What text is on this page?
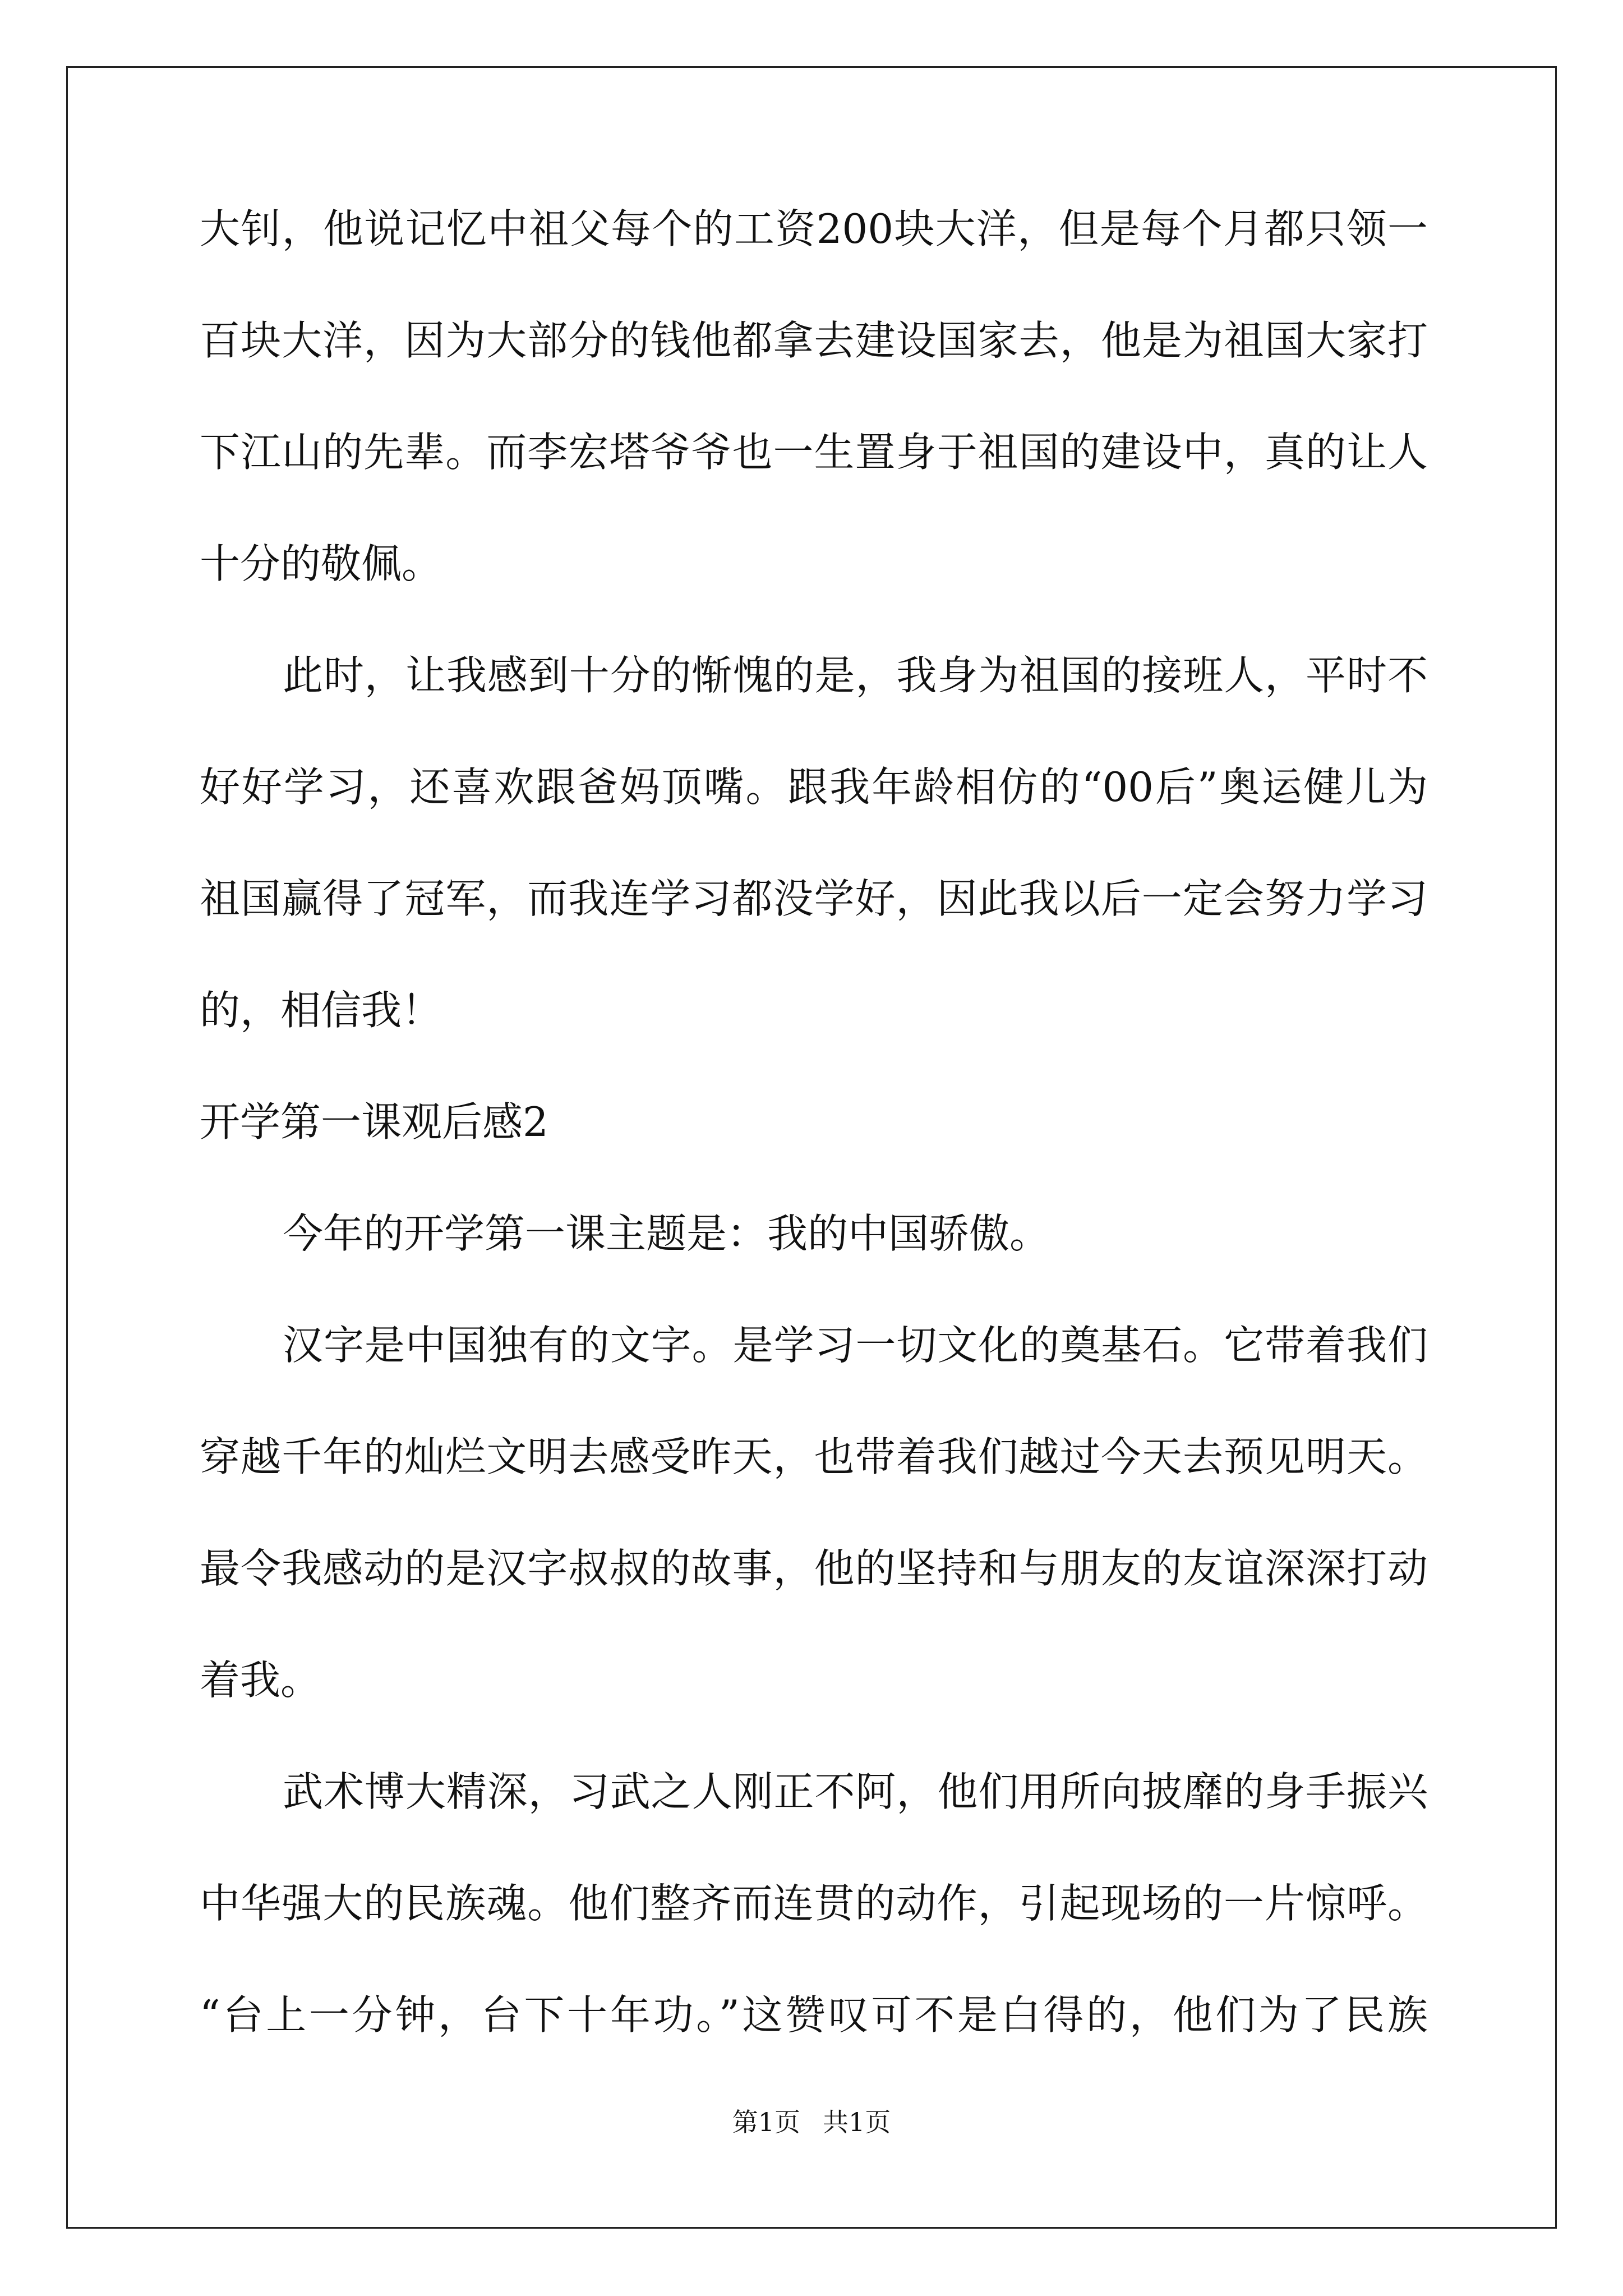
大钊，他说记忆中祖父每个的工资200块大洋，但是每个月都只领一
百块大洋，因为大部分的钱他都拿去建设国家去，他是为祖国大家打
下江山的先辈。而李宏塔爷爷也一生置身于祖国的建设中，真的让人
十分的敬佩。
此时，让我感到十分的惭愧的是，我身为祖国的接班人，平时不
好好学习，还喜欢跟爸妈顶嘴。跟我年龄相仿的“00后”奥运健儿为
祖国赢得了冠军，而我连学习都没学好，因此我以后一定会努力学习
的，相信我！
开学第一课观后感2
今年的开学第一课主题是：我的中国骄傲。
汉字是中国独有的文字。是学习一切文化的奠基石。它带着我们
穿越千年的灿烂文明去感受昨天，也带着我们越过今天去预见明天。
最令我感动的是汉字叔叔的故事，他的坚持和与朋友的友谊深深打动
着我。
武术博大精深，习武之人刚正不阿，他们用所向披靡的身手振兴
中华强大的民族魂。他们整齐而连贯的动作，引起现场的一片惊呼。
“台上一分钟，台下十年功。”这赞叹可不是白得的，他们为了民族
第1页 共1页
